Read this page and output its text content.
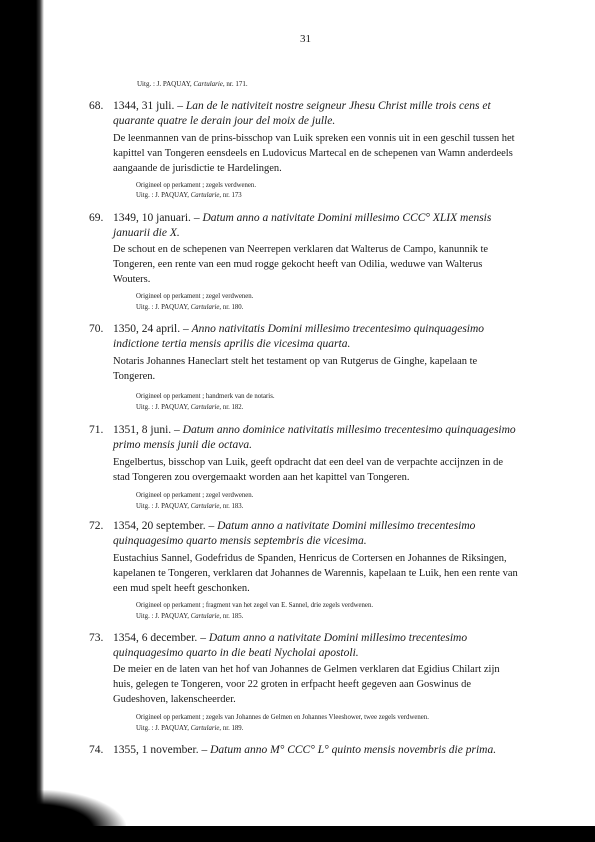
31
Uitg. : J. PAQUAY, Cartularie, nr. 171.
68. 1344, 31 juli. – Lan de le nativiteit nostre seigneur Jhesu Christ mille trois cens et quarante quatre le derain jour del moix de julle.
De leenmannen van de prins-bisschop van Luik spreken een vonnis uit in een geschil tussen het kapittel van Tongeren eensdeels en Ludovicus Martecal en de schepenen van Wamn anderdeels aangaande de jurisdictie te Hardelingen.
Origineel op perkament ; zegels verdwenen.
Uitg. : J. PAQUAY, Cartularie, nr. 173
69. 1349, 10 januari. – Datum anno a nativitate Domini millesimo CCC° XLIX mensis januarii die X.
De schout en de schepenen van Neerrepen verklaren dat Walterus de Campo, kanunnik te Tongeren, een rente van een mud rogge gekocht heeft van Odilia, weduwe van Walterus Wouters.
Origineel op perkament ; zegel verdwenen.
Uitg. : J. PAQUAY, Cartularie, nr. 180.
70. 1350, 24 april. – Anno nativitatis Domini millesimo trecentesimo quinquagesimo indictione tertia mensis aprilis die vicesima quarta.
Notaris Johannes Haneclart stelt het testament op van Rutgerus de Ginghe, kapelaan te Tongeren.
Origineel op perkament ; handmerk van de notaris.
Uitg. : J. PAQUAY, Cartularie, nr. 182.
71. 1351, 8 juni. – Datum anno dominice nativitatis millesimo trecentesimo quinquagesimo primo mensis junii die octava.
Engelbertus, bisschop van Luik, geeft opdracht dat een deel van de verpachte accijnzen in de stad Tongeren zou overgemaakt worden aan het kapittel van Tongeren.
Origineel op perkament ; zegel verdwenen.
Uitg. : J. PAQUAY, Cartularie, nr. 183.
72. 1354, 20 september. – Datum anno a nativitate Domini millesimo trecentesimo quinquagesimo quarto mensis septembris die vicesima.
Eustachius Sannel, Godefridus de Spanden, Henricus de Cortersen en Johannes de Riksingen, kapelanen te Tongeren, verklaren dat Johannes de Warennis, kapelaan te Luik, hen een rente van een mud spelt heeft geschonken.
Origineel op perkament ; fragment van het zegel van E. Sannel, drie zegels verdwenen.
Uitg. : J. PAQUAY, Cartularie, nr. 185.
73. 1354, 6 december. – Datum anno a nativitate Domini millesimo trecentesimo quinquagesimo quarto in die beati Nycholai apostoli.
De meier en de laten van het hof van Johannes de Gelmen verklaren dat Egidius Chilart zijn huis, gelegen te Tongeren, voor 22 groten in erfpacht heeft gegeven aan Goswinus de Gudeshoven, lakenscheerder.
Origineel op perkament ; zegels van Johannes de Gelmen en Johannes Vleeshower, twee zegels verdwenen.
Uitg. : J. PAQUAY, Cartularie, nr. 189.
74. 1355, 1 november. – Datum anno M° CCC° L° quinto mensis novembris die prima.
